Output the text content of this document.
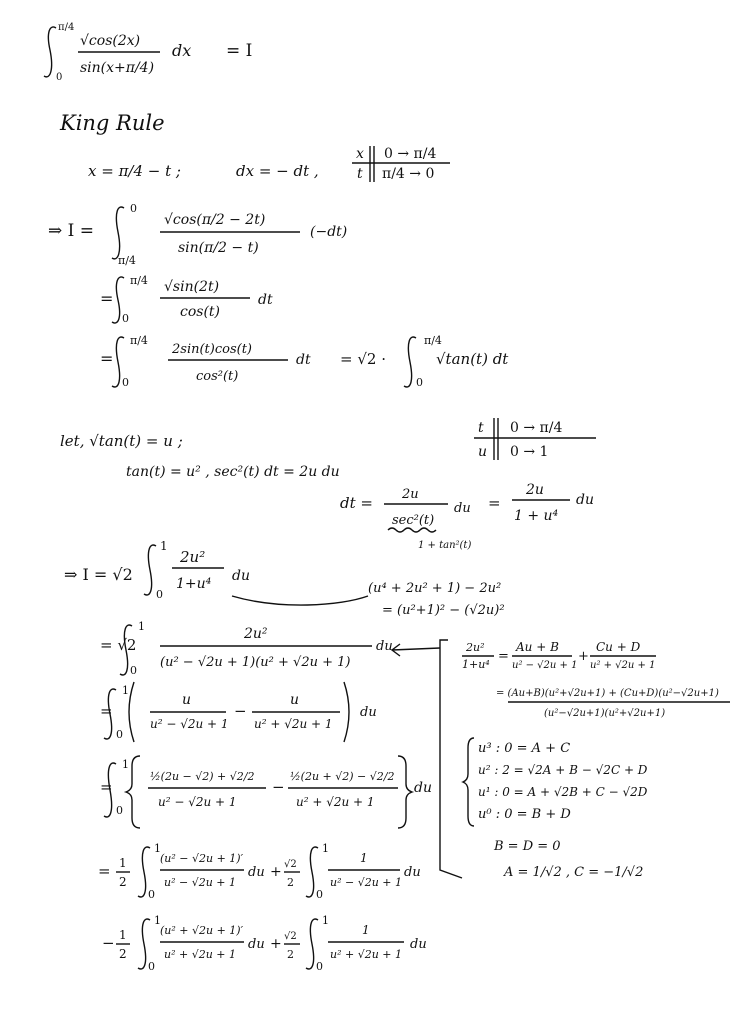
π/4
0
√cos(2x)
sin(x+π/4)
dx = I
King Rule
x = π/4 − t ;	dx = − dt ,
x 0 → π/4
t π/4 → 0
⇒ I =
0
π/4
√cos(π/2 − 2t)
sin(π/2 − t)
(−dt)
=
π/4
0
√sin(2t)
cos(t)
dt
=
π/4
0
2sin(t)cos(t)
cos²(t)
dt = √2 ·
π/4
0
√tan(t) dt
let, √tan(t) = u ;
tan(t) = u² , sec²(t) dt = 2u du
t 0 → π/4
u 0 → 1
dt = 2u
sec²(t)
du =
2u
1 + u⁴
du
1 + tan²(t)
⇒ I = √2
1
0
2u²
1+u⁴ du
(u⁴ + 2u² + 1) − 2u²
= (u²+1)² − (√2u)²
= √2
1
0
2u²
(u² − √2u + 1)(u² + √2u + 1)
du	2u²
1+u⁴
=
Au + B
u² − √2u + 1
+
Cu + D
u² + √2u + 1
= (Au+B)(u²+√2u+1) + (Cu+D)(u²−√2u+1)
(u²−√2u+1)(u²+√2u+1)
u³ : 0 = A + C
u² : 2 = √2A + B − √2C + D
u¹ : 0 = A + √2B + C − √2D
u⁰ : 0 = B + D
B = D = 0
A = 1/√2 , C = −1/√2
=
1
0
u
u² − √2u + 1
−
u
u² + √2u + 1
du
=
1
0
½(2u − √2) + √2/2
u² − √2u + 1
−
½(2u + √2) − √2/2
u² + √2u + 1
du
= 1
2
1
0
(u² − √2u + 1)′
u² − √2u + 1
du + √2
2
1
0
1
u² − √2u + 1
du
− 1
2
1
0
(u² + √2u + 1)′
u² + √2u + 1
du + √2
2
1
0
1
u² + √2u + 1
du
